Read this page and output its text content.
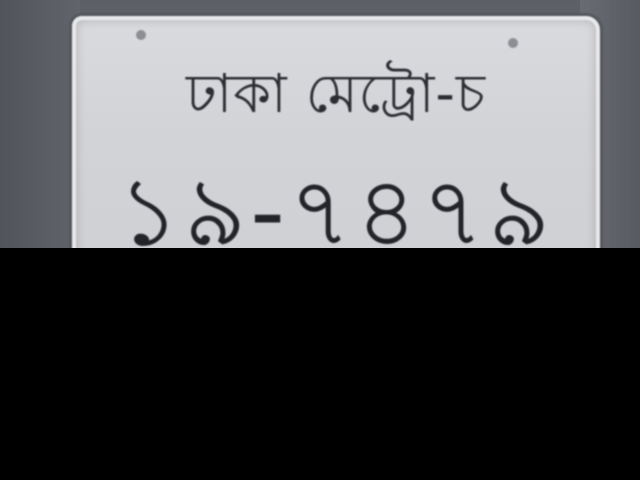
ঢাকা মেট্রো-চ
১৯-৭৪৭৯
